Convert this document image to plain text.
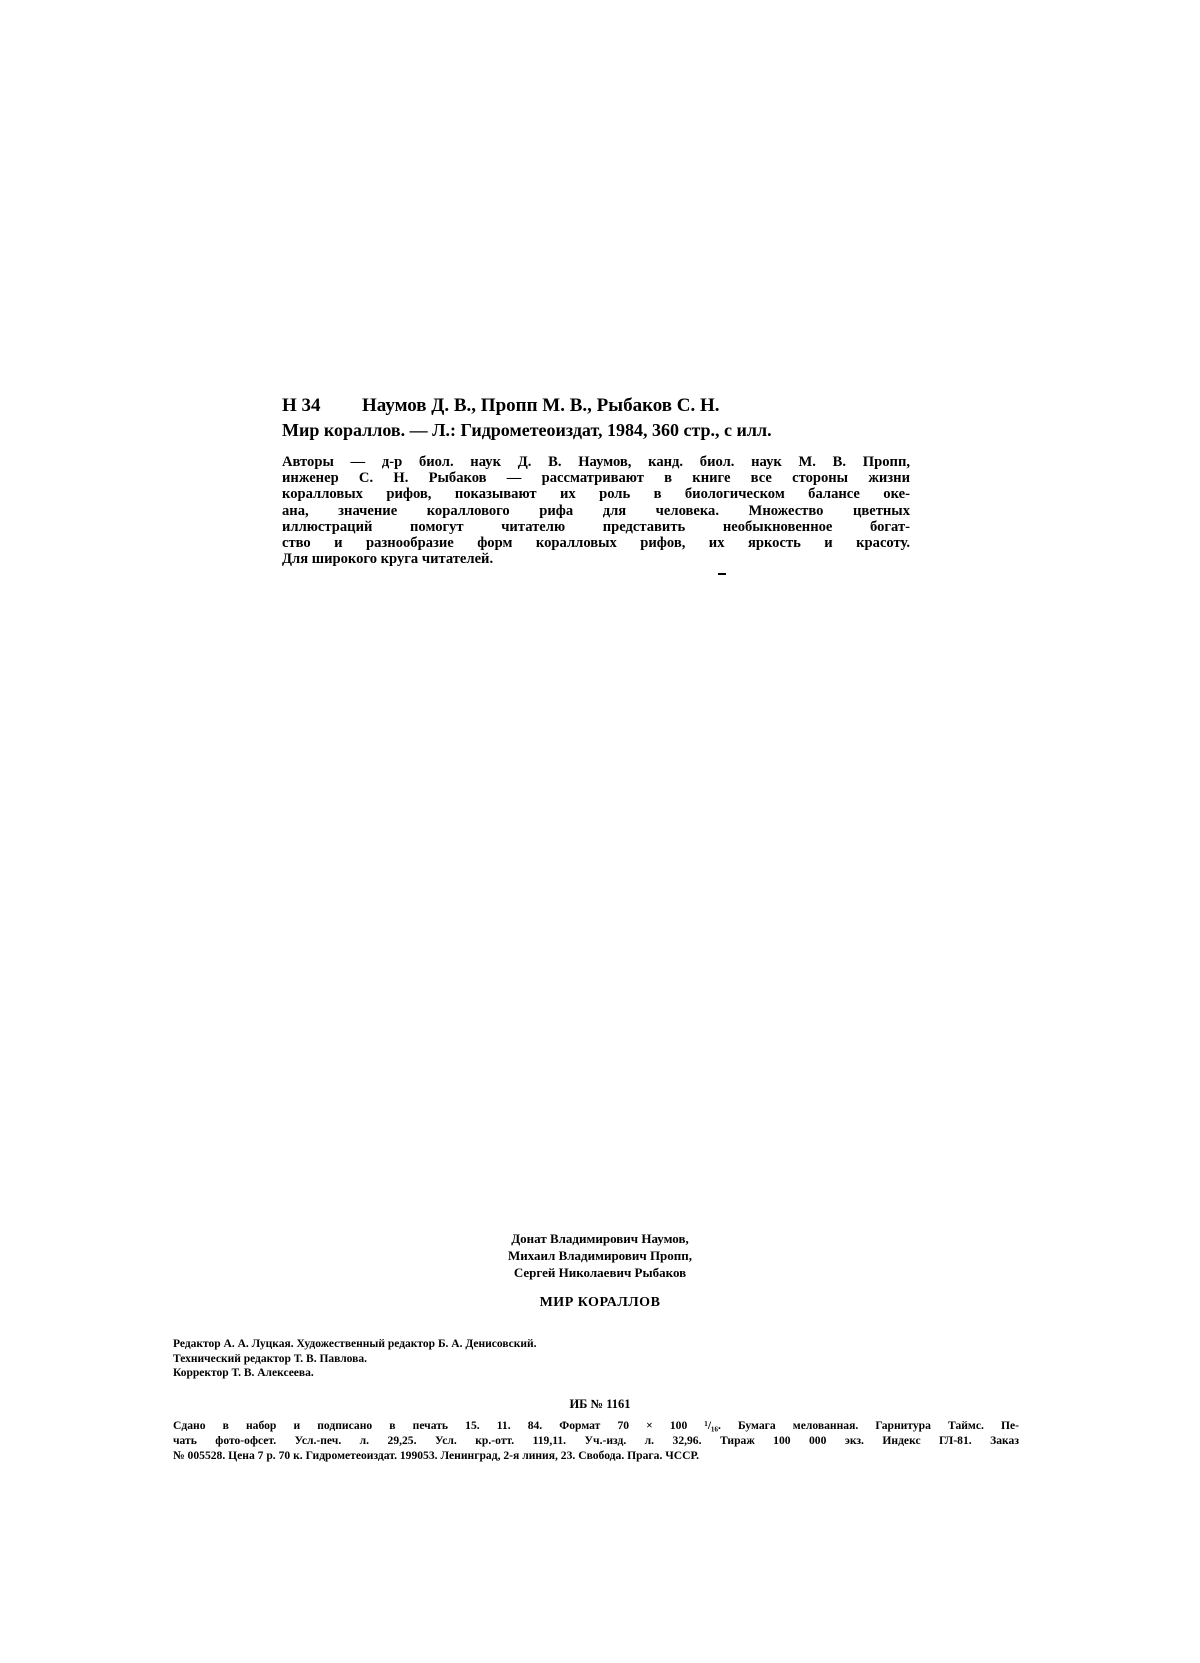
Н 34 Наумов Д. В., Пропп М. В., Рыбаков С. Н.
Мир кораллов. — Л.: Гидрометеоиздат, 1984, 360 стр., с илл.
Авторы — д-р биол. наук Д. В. Наумов, канд. биол. наук М. В. Пропп,
инженер С. Н. Рыбаков — рассматривают в книге все стороны жизни
коралловых рифов, показывают их роль в биологическом балансе оке-
ана, значение кораллового рифа для человека. Множество цветных
иллюстраций помогут читателю представить необыкновенное богат-
ство и разнообразие форм коралловых рифов, их яркость и красоту.
Для широкого круга читателей.
Донат Владимирович Наумов,
Михаил Владимирович Пропп,
Сергей Николаевич Рыбаков
МИР КОРАЛЛОВ
Редактор А. А. Луцкая. Художественный редактор Б. А. Денисовский.
Технический редактор Т. В. Павлова.
Корректор Т. В. Алексеева.
ИБ № 1161
Сдано в набор и подписано в печать 15. 11. 84. Формат 70 × 100 ¹/₁₆. Бумага мелованная. Гарнитура Таймс. Пе-
чать фото-офсет. Усл.-печ. л. 29,25. Усл. кр.-отт. 119,11. Уч.-изд. л. 32,96. Тираж 100 000 экз. Индекс ГЛ-81. Заказ
№ 005528. Цена 7 р. 70 к. Гидрометеоиздат. 199053. Ленинград, 2-я линия, 23. Свобода. Прага. ЧССР.
